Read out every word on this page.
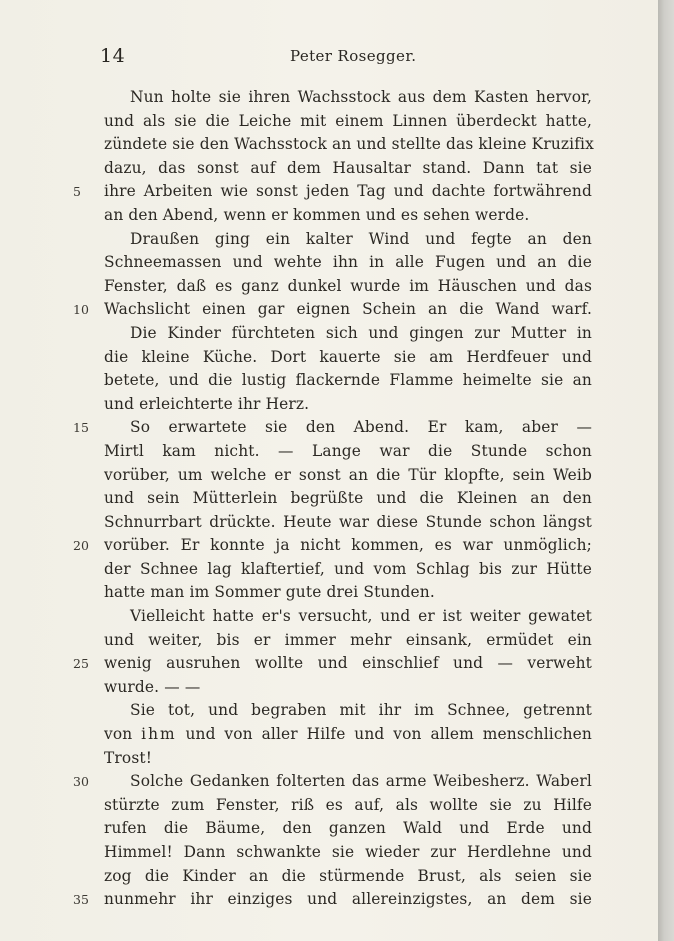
14	Peter Rosegger.
Nun holte sie ihren Wachsstock aus dem Kasten hervor,
und als sie die Leiche mit einem Linnen überdeckt hatte,
zündete sie den Wachsstock an und stellte das kleine Kruzifix
dazu, das sonst auf dem Hausaltar stand. Dann tat sie
5	ihre Arbeiten wie sonst jeden Tag und dachte fortwährend
an den Abend, wenn er kommen und es sehen werde.
Draußen ging ein kalter Wind und fegte an den
Schneemassen und wehte ihn in alle Fugen und an die
Fenster, daß es ganz dunkel wurde im Häuschen und das
10 Wachslicht einen gar eignen Schein an die Wand warf.
Die Kinder fürchteten sich und gingen zur Mutter in
die kleine Küche. Dort kauerte sie am Herdfeuer und
betete, und die lustig flackernde Flamme heimelte sie an
und erleichterte ihr Herz.
15	So erwartete sie den Abend. Er kam, aber —
Mirtl kam nicht. — Lange war die Stunde schon
vorüber, um welche er sonst an die Tür klopfte, sein Weib
und sein Mütterlein begrüßte und die Kleinen an den
Schnurrbart drückte. Heute war diese Stunde schon längst
20 vorüber. Er konnte ja nicht kommen, es war unmöglich;
der Schnee lag klaftertief, und vom Schlag bis zur Hütte
hatte man im Sommer gute drei Stunden.
Vielleicht hatte er's versucht, und er ist weiter gewatet
und weiter, bis er immer mehr einsank, ermüdet ein
25 wenig ausruhen wollte und einschlief und — verweht
wurde. — —
Sie tot, und begraben mit ihr im Schnee, getrennt
von ihm und von aller Hilfe und von allem menschlichen
Trost!
30	Solche Gedanken folterten das arme Weibesherz. Waberl
stürzte zum Fenster, riß es auf, als wollte sie zu Hilfe
rufen die Bäume, den ganzen Wald und Erde und
Himmel! Dann schwankte sie wieder zur Herdlehne und
zog die Kinder an die stürmende Brust, als seien sie
35 nunmehr ihr einziges und allereinzigstes, an dem sie
